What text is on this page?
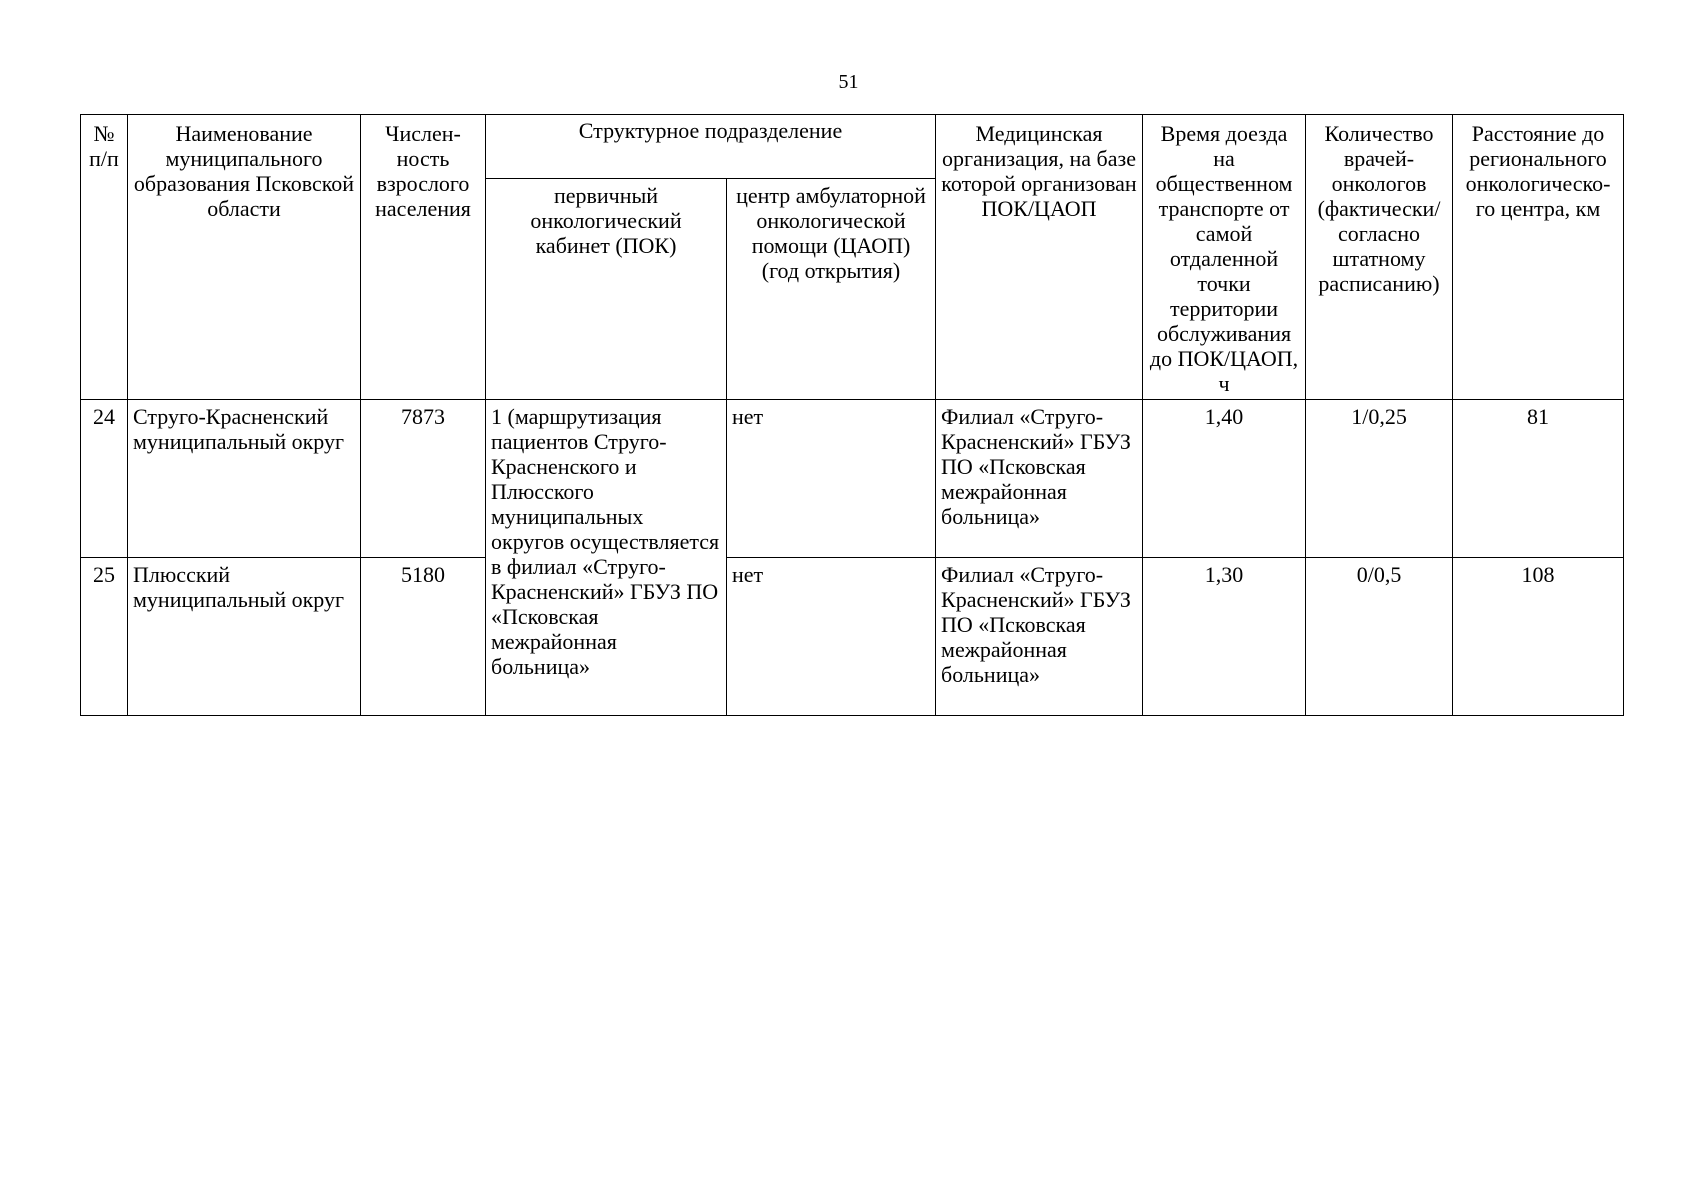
51
№ п/п	Наименование муниципального образования Псковской области	Числен-ность взрослого населения	Структурное подразделение		Медицинская организация, на базе которой организован ПОК/ЦАОП	Время доезда на общественном транспорте от самой отдаленной точки территории обслуживания до ПОК/ЦАОП, ч	Количество врачей-онкологов (фактически/согласно штатному расписанию)	Расстояние до регионального онкологическо-го центра, км
			первичный онкологический кабинет (ПОК)	центр амбулаторной онкологической помощи (ЦАОП) (год открытия)				
24	Струго-Красненский муниципальный округ	7873	1 (маршрутизация пациентов Струго-Красненского и Плюсского муниципальных округов осуществляется в филиал «Струго-Красненский» ГБУЗ ПО «Псковская межрайонная больница»	нет	Филиал «Струго-Красненский» ГБУЗ ПО «Псковская межрайонная больница»	1,40	1/0,25	81
25	Плюсский муниципальный округ	5180		нет	Филиал «Струго-Красненский» ГБУЗ ПО «Псковская межрайонная больница»	1,30	0/0,5	108
